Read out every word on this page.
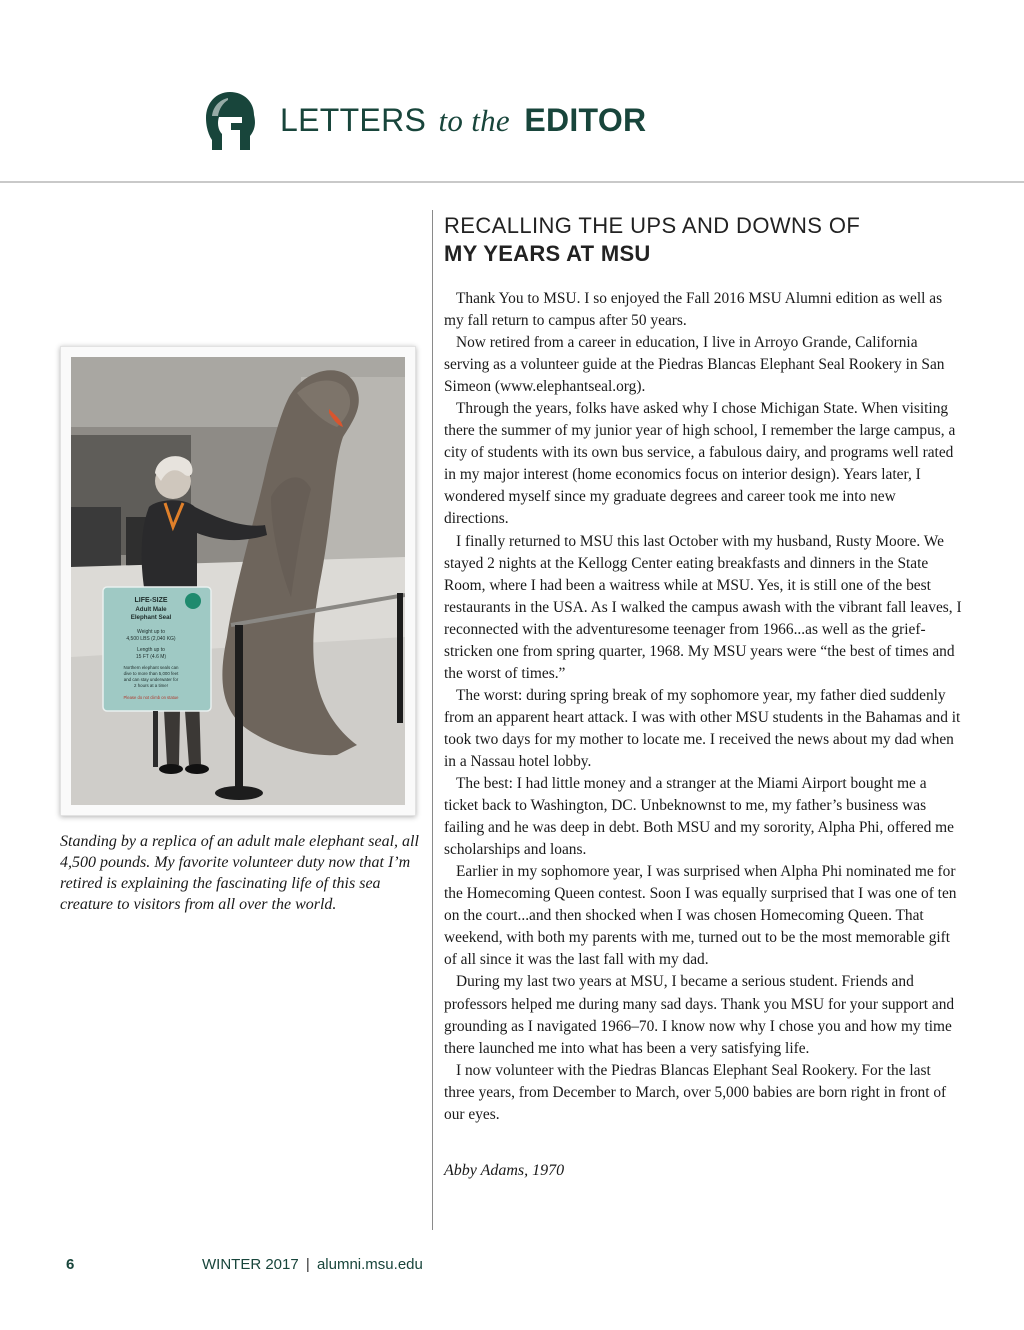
LETTERS to the EDITOR
RECALLING THE UPS AND DOWNS OF
MY YEARS AT MSU
Thank You to MSU. I so enjoyed the Fall 2016 MSU Alumni edition as well as my fall return to campus after 50 years.
Now retired from a career in education, I live in Arroyo Grande, California serving as a volunteer guide at the Piedras Blancas Elephant Seal Rookery in San Simeon (www.elephantseal.org).
Through the years, folks have asked why I chose Michigan State. When visiting there the summer of my junior year of high school, I remember the large campus, a city of students with its own bus service, a fabulous dairy, and programs well rated in my major interest (home economics focus on interior design). Years later, I wondered myself since my graduate degrees and career took me into new directions.
I finally returned to MSU this last October with my husband, Rusty Moore. We stayed 2 nights at the Kellogg Center eating breakfasts and dinners in the State Room, where I had been a waitress while at MSU. Yes, it is still one of the best restaurants in the USA. As I walked the campus awash with the vibrant fall leaves, I reconnected with the adventuresome teenager from 1966...as well as the grief-stricken one from spring quarter, 1968. My MSU years were “the best of times and the worst of times.”
The worst: during spring break of my sophomore year, my father died suddenly from an apparent heart attack. I was with other MSU students in the Bahamas and it took two days for my mother to locate me. I received the news about my dad when in a Nassau hotel lobby.
The best: I had little money and a stranger at the Miami Airport bought me a ticket back to Washington, DC. Unbeknownst to me, my father’s business was failing and he was deep in debt. Both MSU and my sorority, Alpha Phi, offered me scholarships and loans.
Earlier in my sophomore year, I was surprised when Alpha Phi nominated me for the Homecoming Queen contest. Soon I was equally surprised that I was one of ten on the court...and then shocked when I was chosen Homecoming Queen. That weekend, with both my parents with me, turned out to be the most memorable gift of all since it was the last fall with my dad.
During my last two years at MSU, I became a serious student. Friends and professors helped me during many sad days. Thank you MSU for your support and grounding as I navigated 1966–70. I know now why I chose you and how my time there launched me into what has been a very satisfying life.
I now volunteer with the Piedras Blancas Elephant Seal Rookery. For the last three years, from December to March, over 5,000 babies are born right in front of our eyes.
Abby Adams, 1970
LIFE-SIZE
Adult Male
Elephant Seal
Weight up to
4,500 LBS (2,040 KG)
Length up to
15 FT (4.6 M)
Northern elephant seals can
dive to more than 5,000 feet
and can stay underwater for
2 hours at a time!
Please do not climb on statue
Standing by a replica of an adult male elephant seal, all 4,500 pounds. My favorite volunteer duty now that I’m retired is explaining the fascinating life of this sea creature to visitors from all over the world.
6	WINTER 2017 | alumni.msu.edu
